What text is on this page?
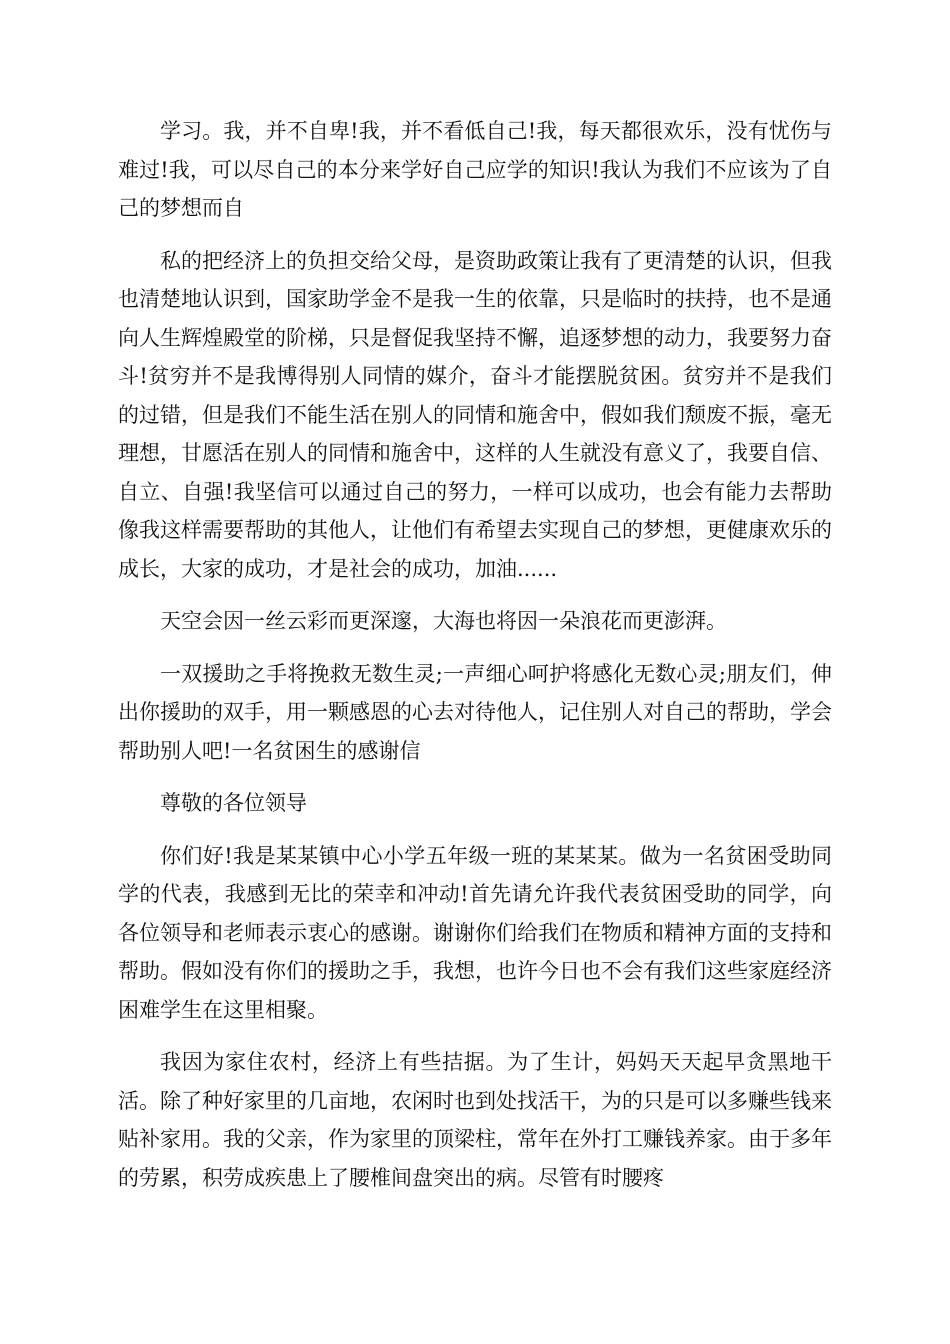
学习。我，并不自卑!我，并不看低自己!我，每天都很欢乐，没有忧伤与难过!我，可以尽自己的本分来学好自己应学的知识!我认为我们不应该为了自己的梦想而自

私的把经济上的负担交给父母，是资助政策让我有了更清楚的认识，但我也清楚地认识到，国家助学金不是我一生的依靠，只是临时的扶持，也不是通向人生辉煌殿堂的阶梯，只是督促我坚持不懈，追逐梦想的动力，我要努力奋斗!贫穷并不是我博得别人同情的媒介，奋斗才能摆脱贫困。贫穷并不是我们的过错，但是我们不能生活在别人的同情和施舍中，假如我们颓废不振，毫无理想，甘愿活在别人的同情和施舍中，这样的人生就没有意义了，我要自信、自立、自强!我坚信可以通过自己的努力，一样可以成功，也会有能力去帮助像我这样需要帮助的其他人，让他们有希望去实现自己的梦想，更健康欢乐的成长，大家的成功，才是社会的成功，加油......

天空会因一丝云彩而更深邃，大海也将因一朵浪花而更澎湃。

一双援助之手将挽救无数生灵;一声细心呵护将感化无数心灵;朋友们，伸出你援助的双手，用一颗感恩的心去对待他人，记住别人对自己的帮助，学会帮助别人吧!一名贫困生的感谢信

尊敬的各位领导

你们好!我是某某镇中心小学五年级一班的某某某。做为一名贫困受助同学的代表，我感到无比的荣幸和冲动!首先请允许我代表贫困受助的同学，向各位领导和老师表示衷心的感谢。谢谢你们给我们在物质和精神方面的支持和帮助。假如没有你们的援助之手，我想，也许今日也不会有我们这些家庭经济困难学生在这里相聚。

我因为家住农村，经济上有些拮据。为了生计，妈妈天天起早贪黑地干活。除了种好家里的几亩地，农闲时也到处找活干，为的只是可以多赚些钱来贴补家用。我的父亲，作为家里的顶梁柱，常年在外打工赚钱养家。由于多年的劳累，积劳成疾患上了腰椎间盘突出的病。尽管有时腰疼
